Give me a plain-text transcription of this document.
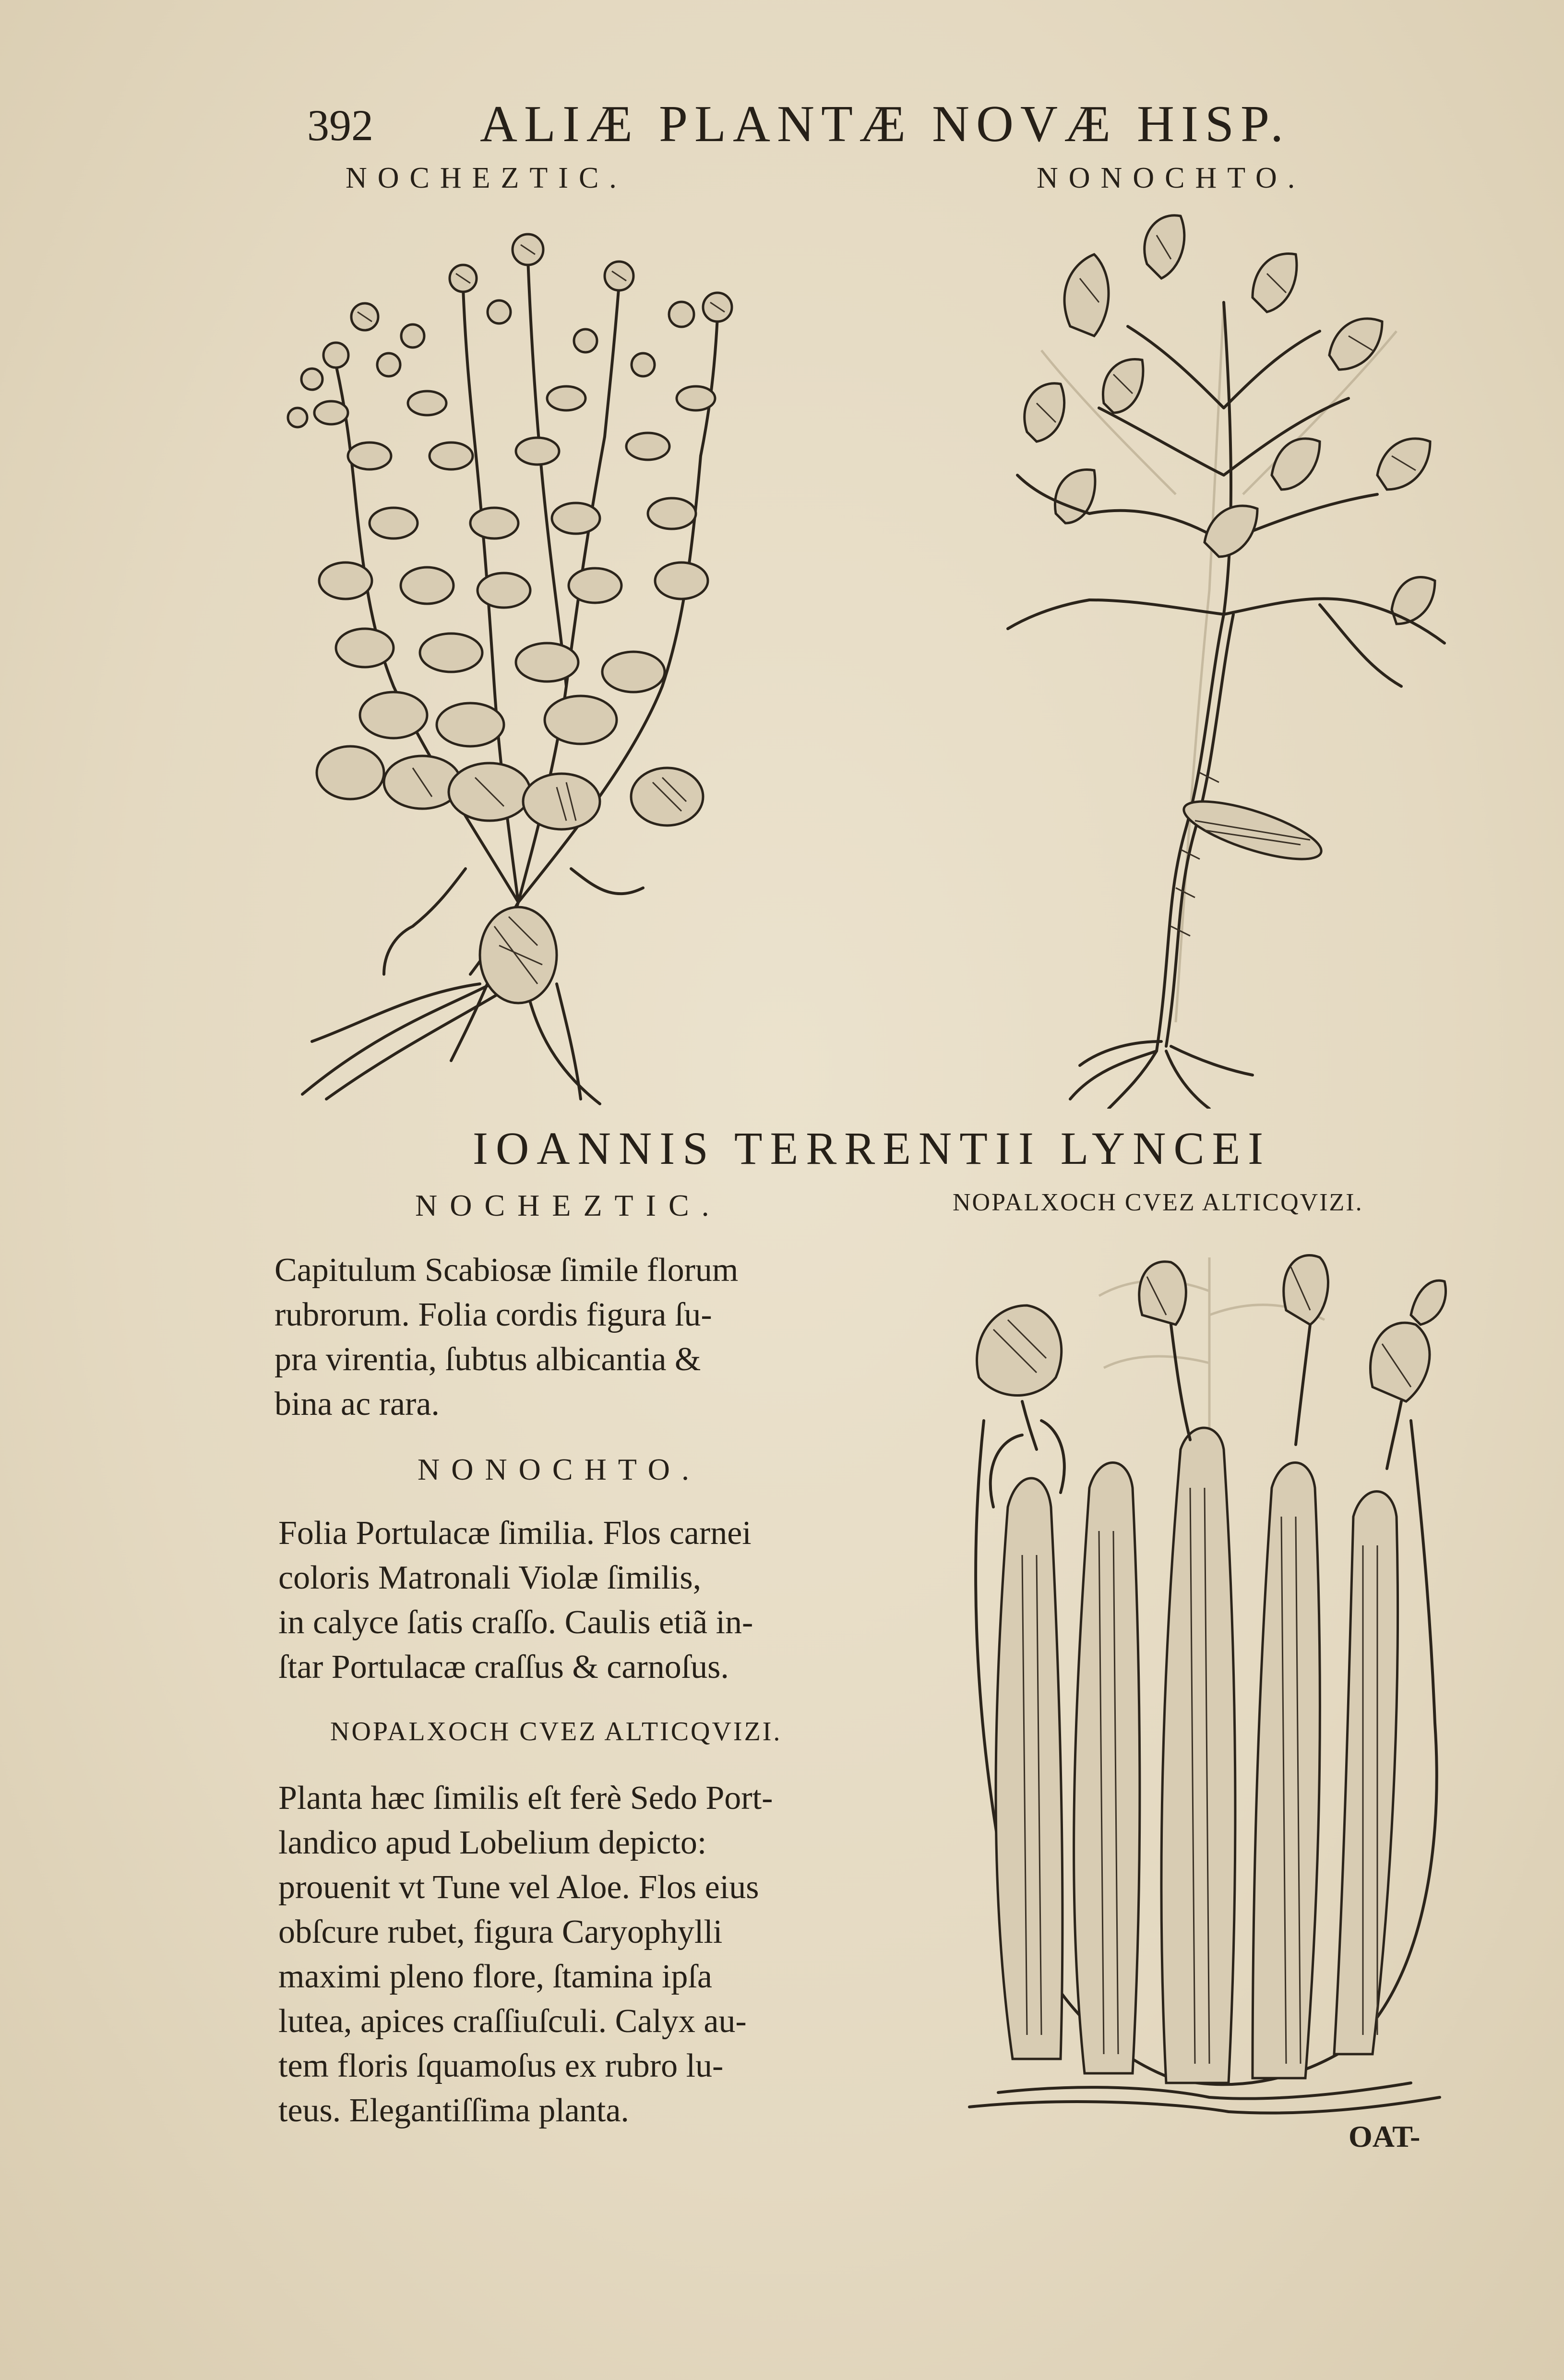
392 ALIÆ PLANTÆ NOVÆ HISP.
NOCHEZTIC.	NONOCHTO.
IOANNIS TERRENTII LYNCEI
NOCHEZTIC.	NOPALXOCH CVEZ ALTICQVIZI.
Capitulum Scabiosæ ſimile florum
rubrorum. Folia cordis figura ſu-
pra virentia, ſubtus albicantia &
bina ac rara.
NONOCHTO.
Folia Portulacæ ſimilia. Flos carnei
coloris Matronali Violæ ſimilis,
in calyce ſatis craſſo. Caulis etiã in-
ſtar Portulacæ craſſus & carnoſus.
NOPALXOCH CVEZ ALTICQVIZI.
Planta hæc ſimilis eſt ferè Sedo Port-
landico apud Lobelium depicto:
prouenit vt Tune vel Aloe. Flos eius
obſcure rubet, figura Caryophylli
maximi pleno flore, ſtamina ipſa
lutea, apices craſſiuſculi. Calyx au-
tem floris ſquamoſus ex rubro lu-
teus. Elegantiſſima planta.
OAT-
